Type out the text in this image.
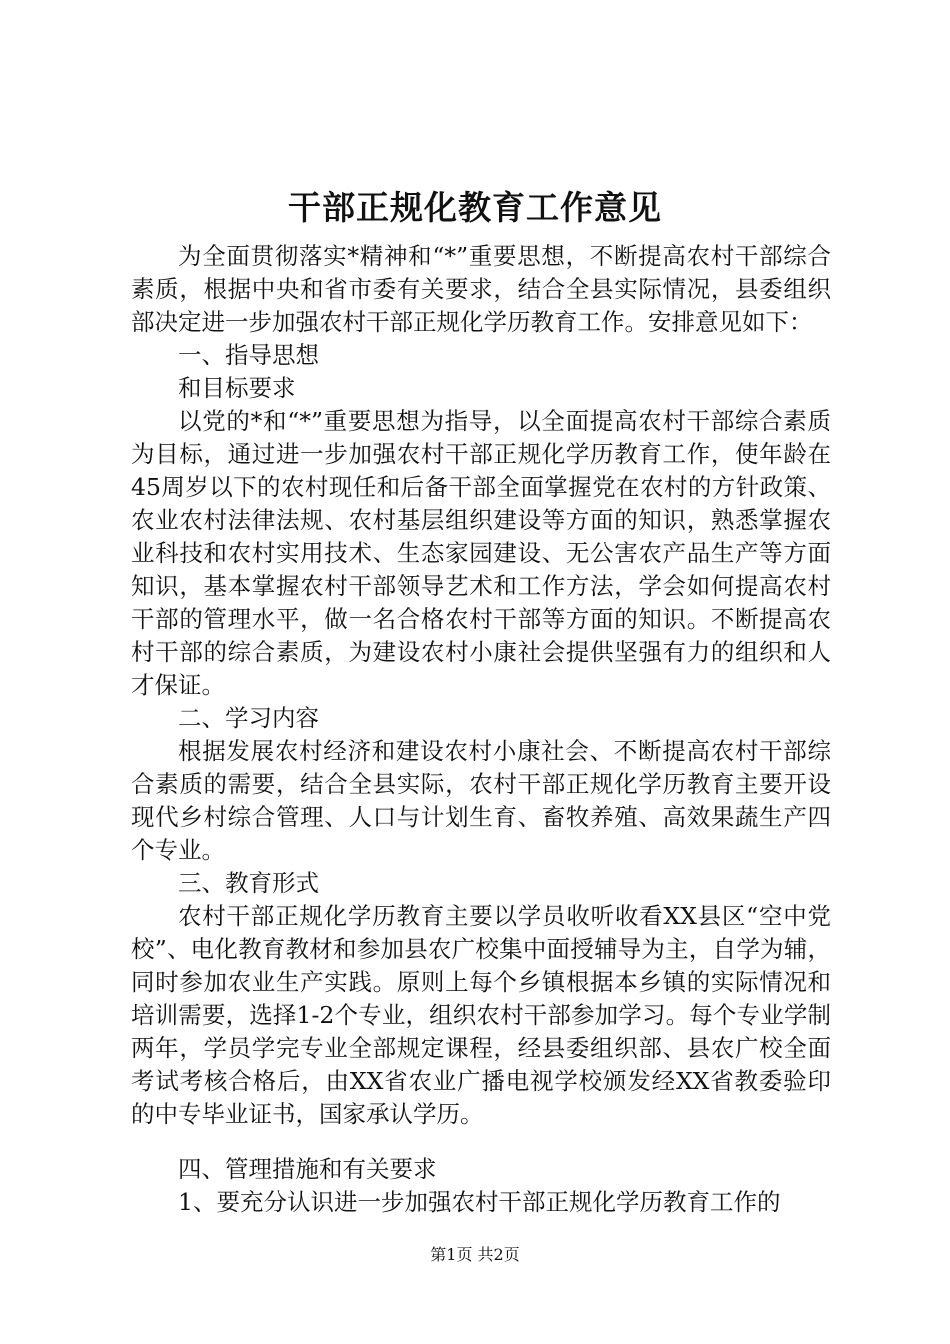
干部正规化教育工作意见

为全面贯彻落实*精神和“*”重要思想，不断提高农村干部综合素质，根据中央和省市委有关要求，结合全县实际情况，县委组织部决定进一步加强农村干部正规化学历教育工作。安排意见如下：

一、指导思想

和目标要求

以党的*和“*”重要思想为指导，以全面提高农村干部综合素质为目标，通过进一步加强农村干部正规化学历教育工作，使年龄在45周岁以下的农村现任和后备干部全面掌握党在农村的方针政策、农业农村法律法规、农村基层组织建设等方面的知识，熟悉掌握农业科技和农村实用技术、生态家园建设、无公害农产品生产等方面知识，基本掌握农村干部领导艺术和工作方法，学会如何提高农村干部的管理水平，做一名合格农村干部等方面的知识。不断提高农村干部的综合素质，为建设农村小康社会提供坚强有力的组织和人才保证。

二、学习内容

根据发展农村经济和建设农村小康社会、不断提高农村干部综合素质的需要，结合全县实际，农村干部正规化学历教育主要开设现代乡村综合管理、人口与计划生育、畜牧养殖、高效果蔬生产四个专业。

三、教育形式

农村干部正规化学历教育主要以学员收听收看XX县区“空中党校”、电化教育教材和参加县农广校集中面授辅导为主，自学为辅，同时参加农业生产实践。原则上每个乡镇根据本乡镇的实际情况和培训需要，选择1-2个专业，组织农村干部参加学习。每个专业学制两年，学员学完专业全部规定课程，经县委组织部、县农广校全面考试考核合格后，由XX省农业广播电视学校颁发经XX省教委验印的中专毕业证书，国家承认学历。

四、管理措施和有关要求

1、要充分认识进一步加强农村干部正规化学历教育工作的

第1页 共2页
